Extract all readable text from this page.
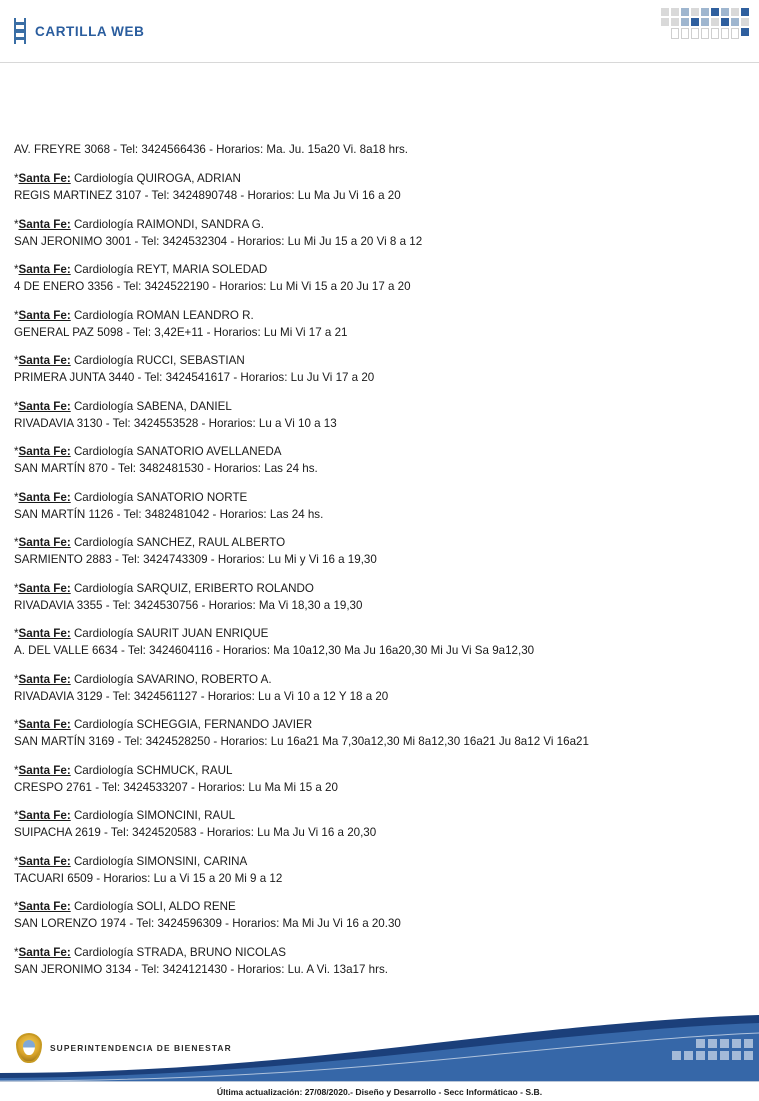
CARTILLA WEB

AV. FREYRE 3068 - Tel: 3424566436 - Horarios: Ma. Ju. 15a20 Vi. 8a18 hrs.

*Santa Fe: Cardiología QUIROGA, ADRIAN
REGIS MARTINEZ 3107 - Tel: 3424890748 - Horarios: Lu Ma Ju Vi 16 a 20
*Santa Fe: Cardiología RAIMONDI, SANDRA G.
SAN JERONIMO 3001 - Tel: 3424532304 - Horarios: Lu Mi Ju 15 a 20 Vi 8 a 12
*Santa Fe: Cardiología REYT, MARIA SOLEDAD
4 DE ENERO 3356 - Tel: 3424522190 - Horarios: Lu Mi Vi 15 a 20 Ju 17 a 20
*Santa Fe: Cardiología ROMAN LEANDRO R.
GENERAL PAZ 5098 - Tel: 3,42E+11 - Horarios: Lu Mi Vi 17 a 21
*Santa Fe: Cardiología RUCCI, SEBASTIAN
PRIMERA JUNTA 3440 - Tel: 3424541617 - Horarios: Lu Ju Vi 17 a 20
*Santa Fe: Cardiología SABENA, DANIEL
RIVADAVIA 3130 - Tel: 3424553528 - Horarios: Lu a Vi 10 a 13
*Santa Fe: Cardiología SANATORIO AVELLANEDA
SAN MARTÍN 870 - Tel: 3482481530 - Horarios: Las 24 hs.
*Santa Fe: Cardiología SANATORIO NORTE
SAN MARTÍN 1126 - Tel: 3482481042 - Horarios: Las 24 hs.
*Santa Fe: Cardiología SANCHEZ, RAUL ALBERTO
SARMIENTO 2883 - Tel: 3424743309 - Horarios: Lu Mi y Vi 16 a 19,30
*Santa Fe: Cardiología SARQUIZ, ERIBERTO ROLANDO
RIVADAVIA 3355 - Tel: 3424530756 - Horarios: Ma Vi 18,30 a 19,30
*Santa Fe: Cardiología SAURIT JUAN ENRIQUE
A. DEL VALLE 6634 - Tel: 3424604116 - Horarios: Ma 10a12,30 Ma Ju 16a20,30 Mi Ju Vi Sa 9a12,30
*Santa Fe: Cardiología SAVARINO, ROBERTO A.
RIVADAVIA 3129 - Tel: 3424561127 - Horarios: Lu a Vi 10 a 12 Y 18 a 20
*Santa Fe: Cardiología SCHEGGIA, FERNANDO JAVIER
SAN MARTÍN 3169 - Tel: 3424528250 - Horarios: Lu 16a21 Ma 7,30a12,30 Mi 8a12,30 16a21 Ju 8a12 Vi 16a21
*Santa Fe: Cardiología SCHMUCK, RAUL
CRESPO 2761 - Tel: 3424533207 - Horarios: Lu Ma Mi 15 a 20
*Santa Fe: Cardiología SIMONCINI, RAUL
SUIPACHA 2619 - Tel: 3424520583 - Horarios: Lu Ma Ju Vi 16 a 20,30
*Santa Fe: Cardiología SIMONSINI, CARINA
TACUARI 6509 - Horarios: Lu a Vi 15 a 20 Mi 9 a 12
*Santa Fe: Cardiología SOLI, ALDO RENE
SAN LORENZO 1974 - Tel: 3424596309 - Horarios: Ma Mi Ju Vi 16 a 20.30
*Santa Fe: Cardiología STRADA, BRUNO NICOLAS
SAN JERONIMO 3134 - Tel: 3424121430 - Horarios: Lu. A Vi. 13a17 hrs.
SUPERINTENDENCIA DE BIENESTAR
Última actualización: 27/08/2020.- Diseño y Desarrollo - Secc Informáticao - S.B.
